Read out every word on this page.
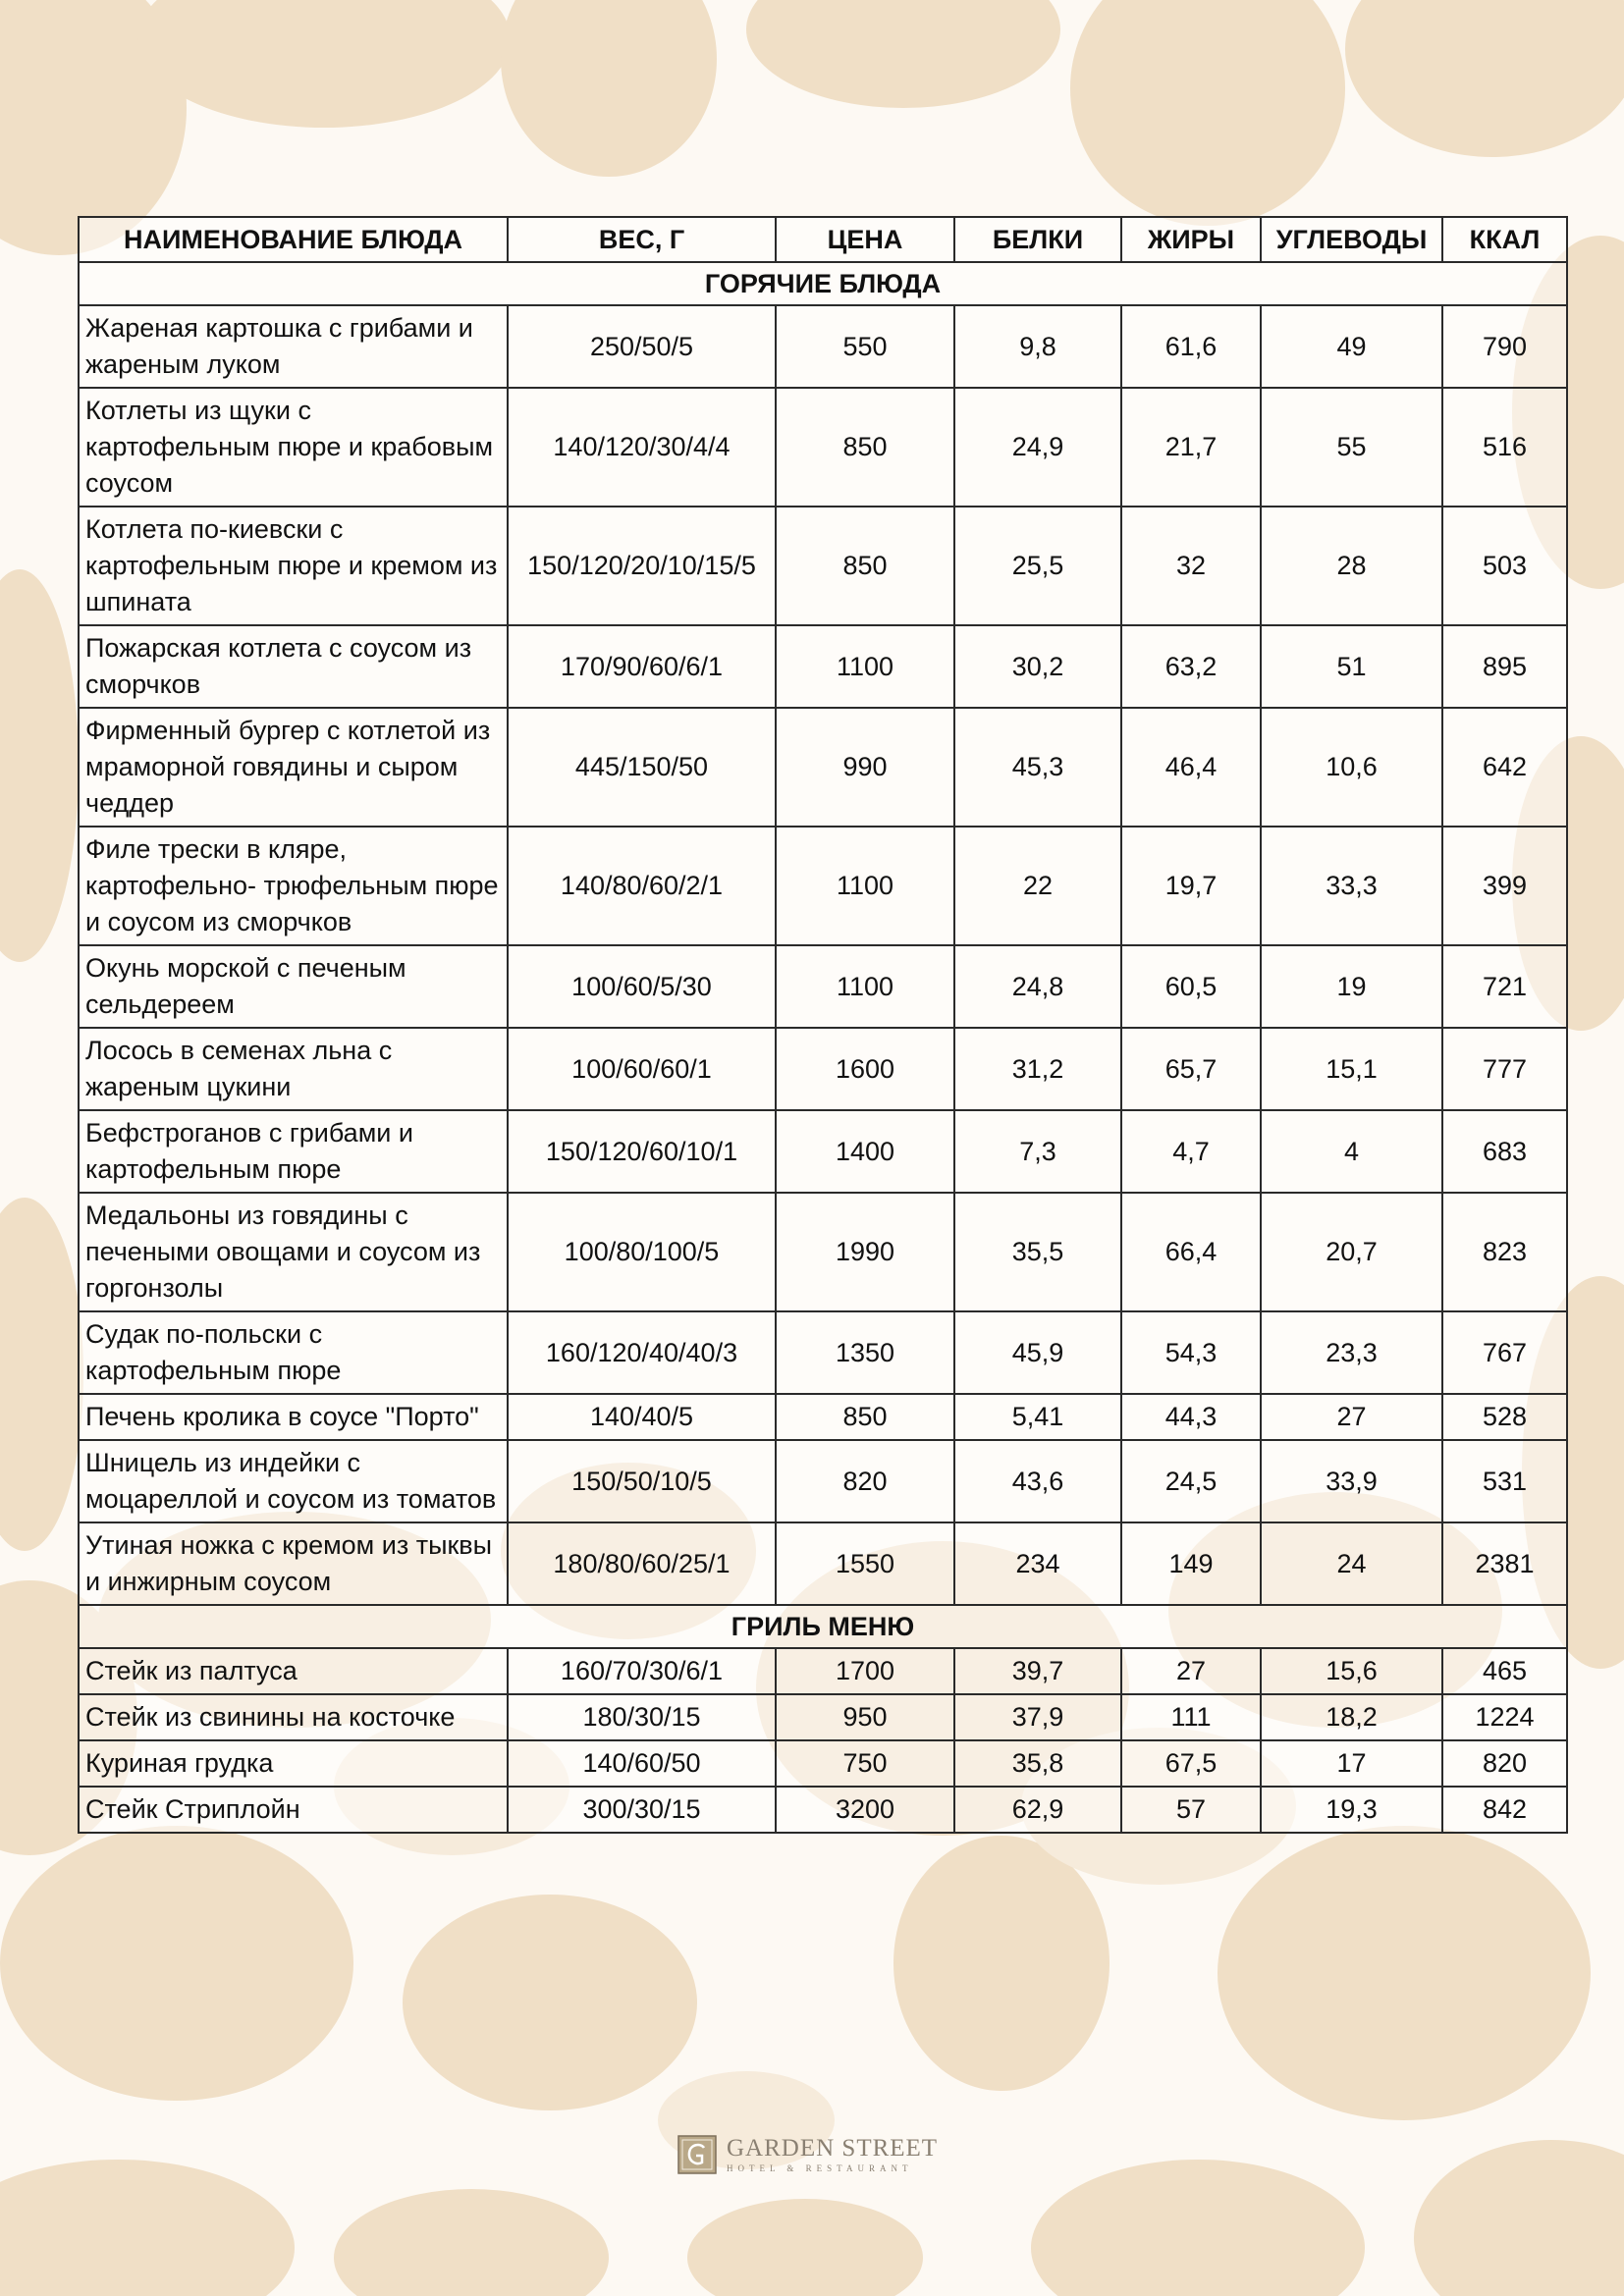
НАИМЕНОВАНИЕ БЛЮДА	ВЕС, Г	ЦЕНА	БЕЛКИ	ЖИРЫ	УГЛЕВОДЫ	ККАЛ
ГОРЯЧИЕ БЛЮДА						
Жареная картошка с грибами и жареным луком	250/50/5	550	9,8	61,6	49	790
Котлеты из щуки с картофельным пюре и крабовым соусом	140/120/30/4/4	850	24,9	21,7	55	516
Котлета по-киевски с картофельным пюре и кремом из шпината	150/120/20/10/15/5	850	25,5	32	28	503
Пожарская котлета с соусом из сморчков	170/90/60/6/1	1100	30,2	63,2	51	895
Фирменный бургер с котлетой из мраморной говядины и сыром чеддер	445/150/50	990	45,3	46,4	10,6	642
Филе трески в кляре, картофельно- трюфельным пюре и соусом из сморчков	140/80/60/2/1	1100	22	19,7	33,3	399
Окунь морской с печеным сельдереем	100/60/5/30	1100	24,8	60,5	19	721
Лосось в семенах льна с жареным цукини	100/60/60/1	1600	31,2	65,7	15,1	777
Бефстроганов с грибами и картофельным пюре	150/120/60/10/1	1400	7,3	4,7	4	683
Медальоны из говядины с печеными овощами и соусом из горгонзолы	100/80/100/5	1990	35,5	66,4	20,7	823
Судак по-польски с картофельным пюре	160/120/40/40/3	1350	45,9	54,3	23,3	767
Печень кролика в соусе "Порто"	140/40/5	850	5,41	44,3	27	528
Шницель из индейки с моцареллой и соусом из томатов	150/50/10/5	820	43,6	24,5	33,9	531
Утиная ножка с кремом из тыквы и инжирным соусом	180/80/60/25/1	1550	234	149	24	2381
ГРИЛЬ МЕНЮ						
Стейк из палтуса	160/70/30/6/1	1700	39,7	27	15,6	465
Стейк из свинины на косточке	180/30/15	950	37,9	111	18,2	1224
Куриная грудка	140/60/50	750	35,8	67,5	17	820
Стейк Стриплойн	300/30/15	3200	62,9	57	19,3	842
GARDEN STREET
HOTEL & RESTAURANT
